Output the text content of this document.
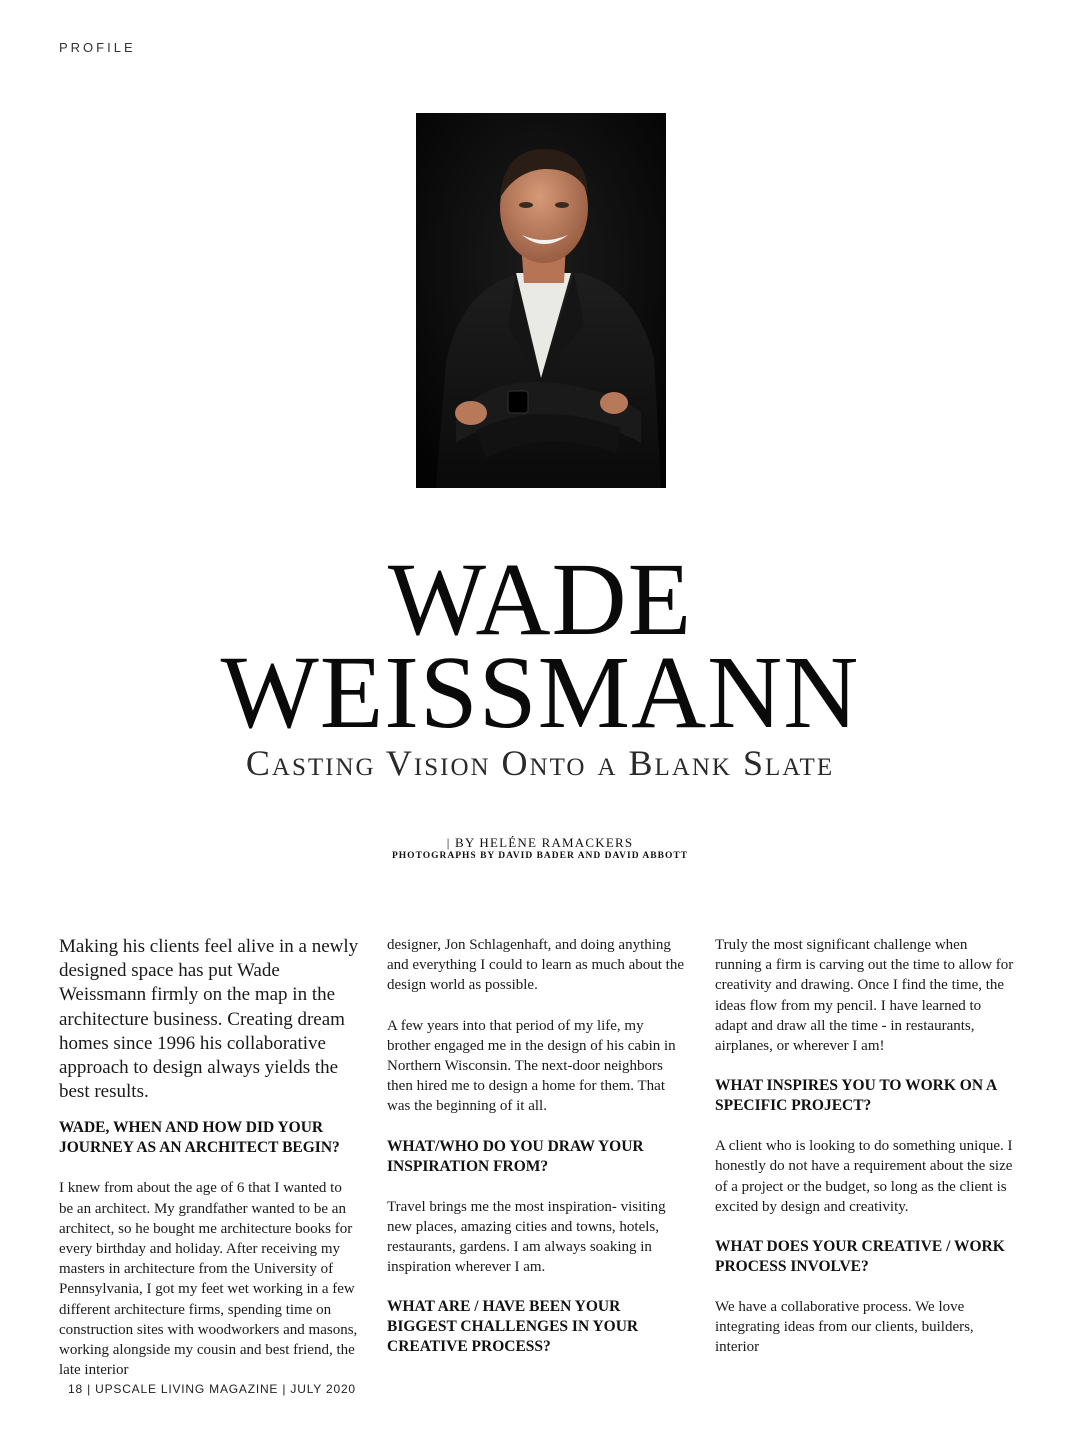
PROFILE
WADE
WEISSMANN
Casting Vision Onto a Blank Slate
| BY HELÉNE RAMACKERS
PHOTOGRAPHS BY DAVID BADER AND DAVID ABBOTT

Making his clients feel alive in a newly designed space has put Wade Weissmann firmly on the map in the architecture business. Creating dream homes since 1996 his collaborative approach to design always yields the best results.

WADE, WHEN AND HOW DID YOUR JOURNEY AS AN ARCHITECT BEGIN?

I knew from about the age of 6 that I wanted to be an architect. My grandfather wanted to be an architect, so he bought me architecture books for every birthday and holiday. After receiving my masters in architecture from the University of Pennsylvania, I got my feet wet working in a few different architecture firms, spending time on construction sites with woodworkers and masons, working alongside my cousin and best friend, the late interior

designer, Jon Schlagenhaft, and doing anything and everything I could to learn as much about the design world as possible.

A few years into that period of my life, my brother engaged me in the design of his cabin in Northern Wisconsin. The next-door neighbors then hired me to design a home for them. That was the beginning of it all.

WHAT/WHO DO YOU DRAW YOUR INSPIRATION FROM?

Travel brings me the most inspiration- visiting new places, amazing cities and towns, hotels, restaurants, gardens. I am always soaking in inspiration wherever I am.

WHAT ARE / HAVE BEEN YOUR BIGGEST CHALLENGES IN YOUR CREATIVE PROCESS?

Truly the most significant challenge when running a firm is carving out the time to allow for creativity and drawing. Once I find the time, the ideas flow from my pencil. I have learned to adapt and draw all the time - in restaurants, airplanes, or wherever I am!

WHAT INSPIRES YOU TO WORK ON A SPECIFIC PROJECT?

A client who is looking to do something unique. I honestly do not have a requirement about the size of a project or the budget, so long as the client is excited by design and creativity.

WHAT DOES YOUR CREATIVE / WORK PROCESS INVOLVE?

We have a collaborative process. We love integrating ideas from our clients, builders, interior

18 | UPSCALE LIVING MAGAZINE | JULY 2020
